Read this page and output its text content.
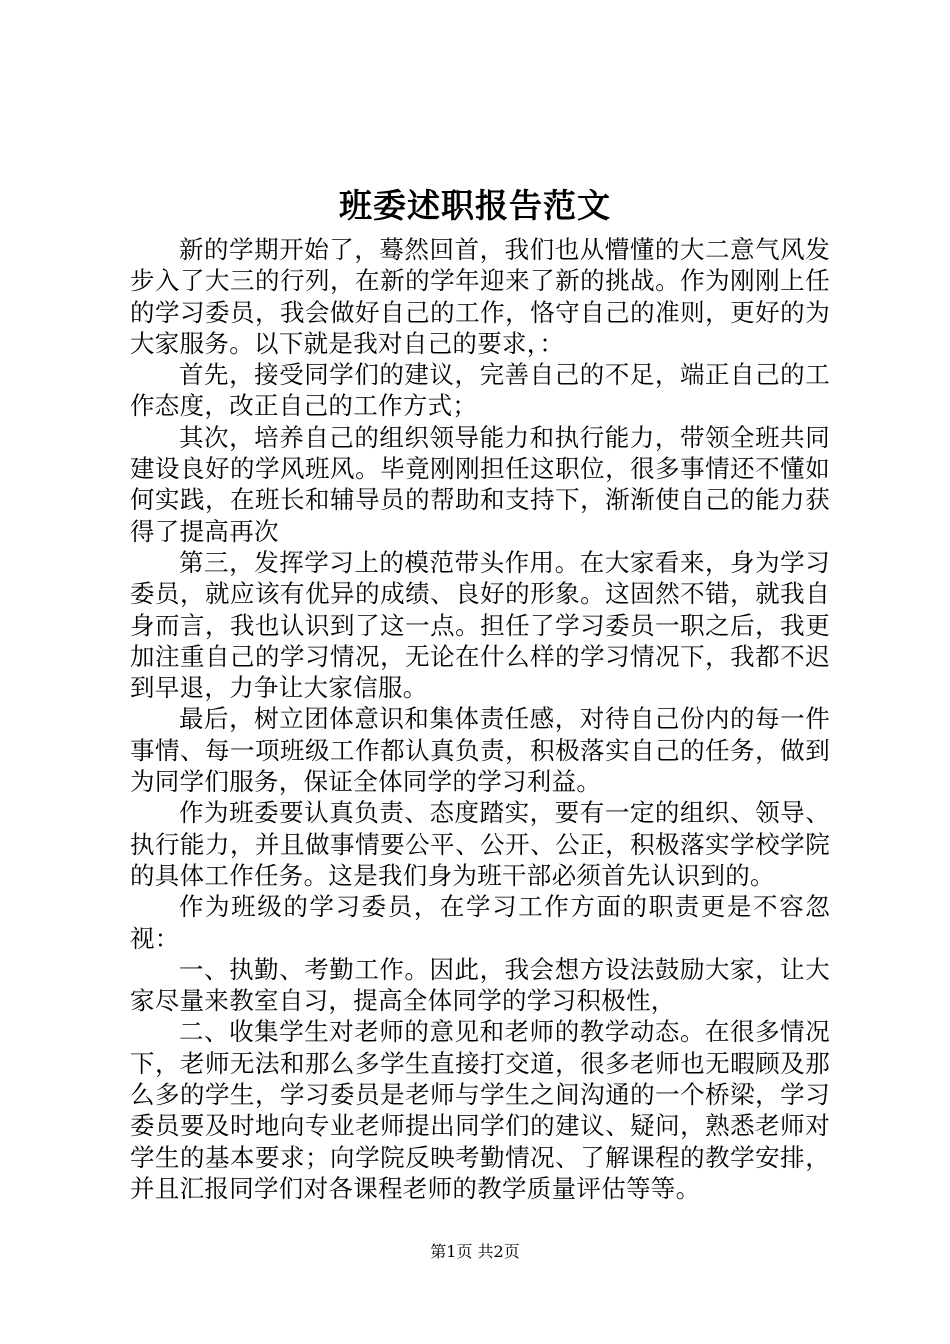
班委述职报告范文

新的学期开始了，蓦然回首，我们也从懵懂的大二意气风发步入了大三的行列，在新的学年迎来了新的挑战。作为刚刚上任的学习委员，我会做好自己的工作，恪守自己的准则，更好的为大家服务。以下就是我对自己的要求，：

首先，接受同学们的建议，完善自己的不足，端正自己的工作态度，改正自己的工作方式；

其次，培养自己的组织领导能力和执行能力，带领全班共同建设良好的学风班风。毕竟刚刚担任这职位，很多事情还不懂如何实践，在班长和辅导员的帮助和支持下，渐渐使自己的能力获得了提高再次

第三，发挥学习上的模范带头作用。在大家看来，身为学习委员，就应该有优异的成绩、良好的形象。这固然不错，就我自身而言，我也认识到了这一点。担任了学习委员一职之后，我更加注重自己的学习情况，无论在什么样的学习情况下，我都不迟到早退，力争让大家信服。

最后，树立团体意识和集体责任感，对待自己份内的每一件事情、每一项班级工作都认真负责，积极落实自己的任务，做到为同学们服务，保证全体同学的学习利益。

作为班委要认真负责、态度踏实，要有一定的组织、领导、执行能力，并且做事情要公平、公开、公正，积极落实学校学院的具体工作任务。这是我们身为班干部必须首先认识到的。

作为班级的学习委员，在学习工作方面的职责更是不容忽视：

一、执勤、考勤工作。因此，我会想方设法鼓励大家，让大家尽量来教室自习，提高全体同学的学习积极性，

二、收集学生对老师的意见和老师的教学动态。在很多情况下，老师无法和那么多学生直接打交道，很多老师也无暇顾及那么多的学生，学习委员是老师与学生之间沟通的一个桥梁，学习委员要及时地向专业老师提出同学们的建议、疑问，熟悉老师对学生的基本要求；向学院反映考勤情况、了解课程的教学安排，并且汇报同学们对各课程老师的教学质量评估等等。

第1页 共2页
